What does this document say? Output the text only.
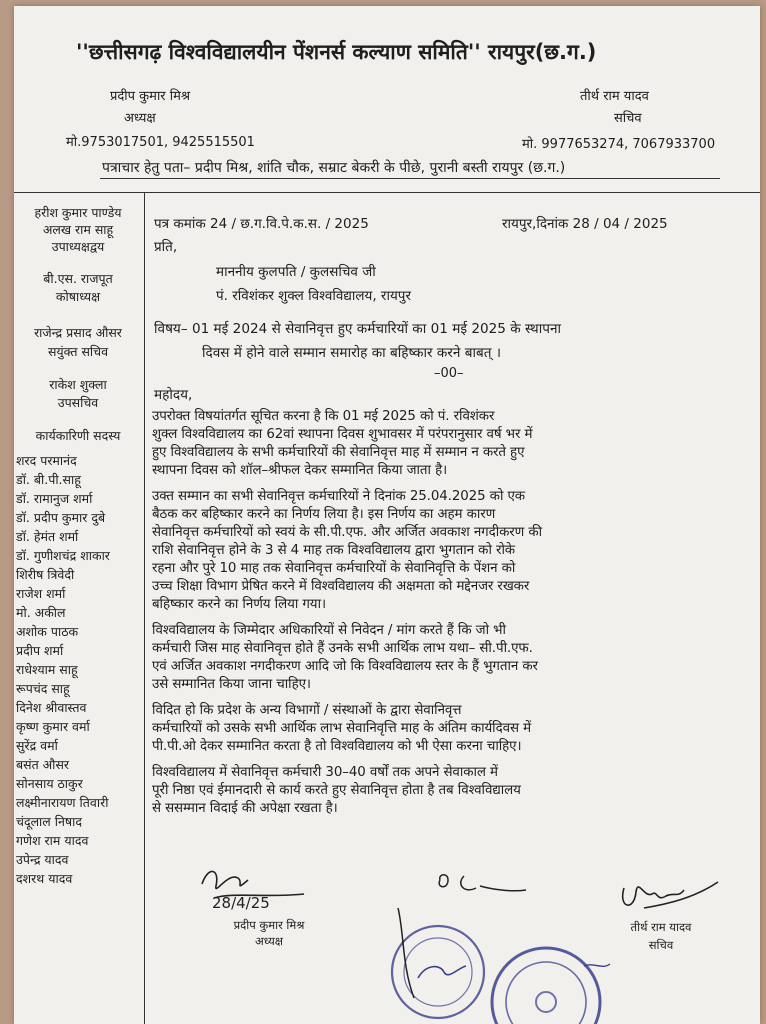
''छत्तीसगढ़ विश्वविद्यालयीन पेंशनर्स कल्याण समिति'' रायपुर(छ.ग.)
प्रदीप कुमार मिश्र
अध्यक्ष
मो.9753017501, 9425515501
तीर्थ राम यादव
सचिव
मो. 9977653274, 7067933700
पत्राचार हेतु पता– प्रदीप मिश्र, शांति चौक, सम्राट बेकरी के पीछे, पुरानी बस्ती रायपुर (छ.ग.)
हरीश कुमार पाण्डेय
अलख राम साहू
उपाध्यक्षद्वय
बी.एस. राजपूत
कोषाध्यक्ष
राजेन्द्र प्रसाद औसर
सयुंक्त सचिव
राकेश शुक्ला
उपसचिव
कार्यकारिणी सदस्य
शरद परमानंद
डॉ. बी.पी.साहू
डॉ. रामानुज शर्मा
डॉ. प्रदीप कुमार दुबे
डॉ. हेमंत शर्मा
डॉ. गुणीशचंद्र शाकार
शिरीष त्रिवेदी
राजेश शर्मा
मो. अकील
अशोक पाठक
प्रदीप शर्मा
राधेश्याम साहू
रूपचंद साहू
दिनेश श्रीवास्तव
कृष्ण कुमार वर्मा
सुरेंद्र वर्मा
बसंत औसर
सोनसाय ठाकुर
लक्ष्मीनारायण तिवारी
चंदूलाल निषाद
गणेश राम यादव
उपेन्द्र यादव
दशरथ यादव
पत्र कमांक 24 / छ.ग.वि.पे.क.स. / 2025	रायपुर,दिनांक 28 / 04 / 2025
प्रति,
माननीय कुलपति / कुलसचिव जी
पं. रविशंकर शुक्ल विश्वविद्यालय, रायपुर
विषय– 01 मई 2024 से सेवानिवृत्त हुए कर्मचारियों का 01 मई 2025 के स्थापना
दिवस में होने वाले सम्मान समारोह का बहिष्कार करने बाबत् ।
–00–
महोदय,
उपरोक्त विषयांतर्गत सूचित करना है कि 01 मई 2025 को पं. रविशंकर
शुक्ल विश्वविद्यालय का 62वां स्थापना दिवस शुभावसर में परंपरानुसार वर्ष भर में
हुए विश्वविद्यालय के सभी कर्मचारियों की सेवानिवृत्त माह में सम्मान न करते हुए
स्थापना दिवस को शॉल–श्रीफल देकर सम्मानित किया जाता है।
उक्त सम्मान का सभी सेवानिवृत्त कर्मचारियों ने दिनांक 25.04.2025 को एक
बैठक कर बहिष्कार करने का निर्णय लिया है। इस निर्णय का अहम कारण
सेवानिवृत्त कर्मचारियों को स्वयं के सी.पी.एफ. और अर्जित अवकाश नगदीकरण की
राशि सेवानिवृत्त होने के 3 से 4 माह तक विश्वविद्यालय द्वारा भुगतान को रोके
रहना और पुरे 10 माह तक सेवानिवृत्त कर्मचारियों के सेवानिवृत्ति के पेंशन को
उच्च शिक्षा विभाग प्रेषित करने में विश्वविद्यालय की अक्षमता को मद्देनजर रखकर
बहिष्कार करने का निर्णय लिया गया।
विश्वविद्यालय के जिम्मेदार अधिकारियों से निवेदन / मांग करते हैं कि जो भी
कर्मचारी जिस माह सेवानिवृत्त होते हैं उनके सभी आर्थिक लाभ यथा– सी.पी.एफ.
एवं अर्जित अवकाश नगदीकरण आदि जो कि विश्वविद्यालय स्तर के हैं भुगतान कर
उसे सम्मानित किया जाना चाहिए।
विदित हो कि प्रदेश के अन्य विभागों / संस्थाओं के द्वारा सेवानिवृत्त
कर्मचारियों को उसके सभी आर्थिक लाभ सेवानिवृत्ति माह के अंतिम कार्यदिवस में
पी.पी.ओ देकर सम्मानित करता है तो विश्वविद्यालय को भी ऐसा करना चाहिए।
विश्वविद्यालय में सेवानिवृत्त कर्मचारी 30–40 वर्षों तक अपने सेवाकाल में
पूरी निष्ठा एवं ईमानदारी से कार्य करते हुए सेवानिवृत्त होता है तब विश्वविद्यालय
से ससम्मान विदाई की अपेक्षा रखता है।
28/4/25
प्रदीप कुमार मिश्र
अध्यक्ष
तीर्थ राम यादव
सचिव
